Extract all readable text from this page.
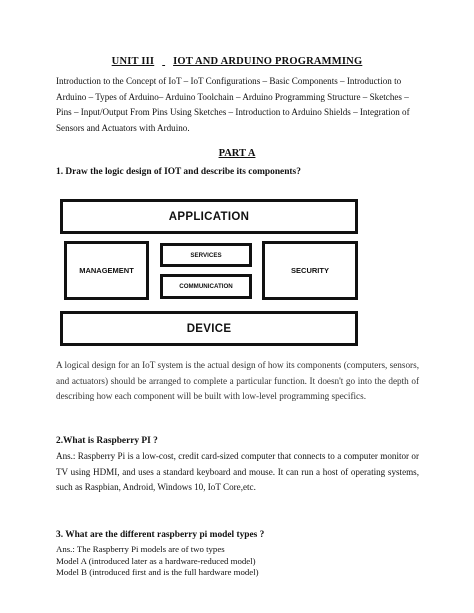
UNIT III IOT AND ARDUINO PROGRAMMING
Introduction to the Concept of IoT – IoT Configurations – Basic Components – Introduction to Arduino – Types of Arduino– Arduino Toolchain – Arduino Programming Structure – Sketches – Pins – Input/Output From Pins Using Sketches – Introduction to Arduino Shields – Integration of Sensors and Actuators with Arduino.
PART A
1. Draw the logic design of IOT and describe its components?
APPLICATION
MANAGEMENT
SERVICES
COMMUNICATION
SECURITY
DEVICE
A logical design for an IoT system is the actual design of how its components (computers, sensors, and actuators) should be arranged to complete a particular function. It doesn't go into the depth of describing how each component will be built with low-level programming specifics.
2.What is Raspberry PI ?
Ans.: Raspberry Pi is a low-cost, credit card-sized computer that connects to a computer monitor or TV using HDMI, and uses a standard keyboard and mouse. It can run a host of operating systems, such as Raspbian, Android, Windows 10, IoT Core,etc.
3. What are the different raspberry pi model types ?
Ans.: The Raspberry Pi models are of two types
Model A (introduced later as a hardware-reduced model)
Model B (introduced first and is the full hardware model)
